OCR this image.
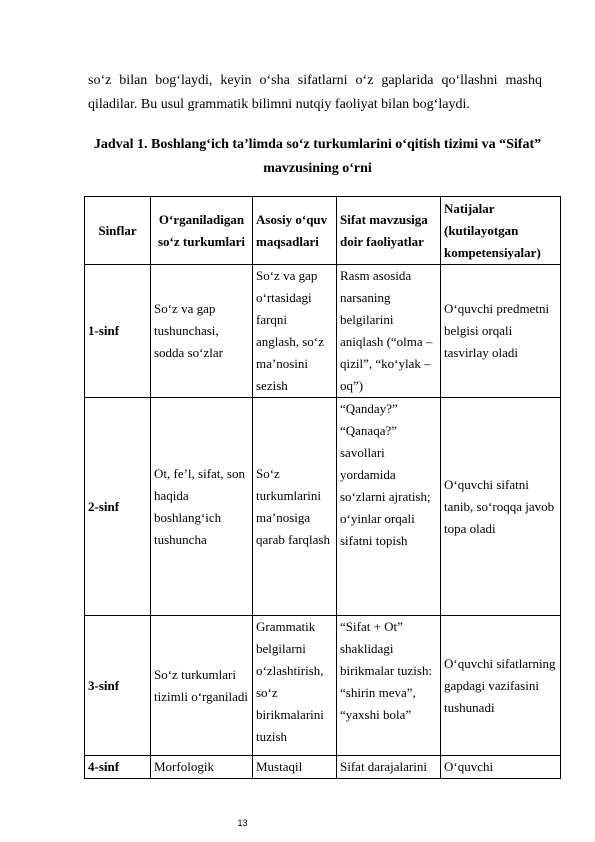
so‘z bilan bog‘laydi, keyin o‘sha sifatlarni o‘z gaplarida qo‘llashni mashq
qiladilar. Bu usul grammatik bilimni nutqiy faoliyat bilan bog‘laydi.
Jadval 1. Boshlang‘ich ta’limda so‘z turkumlarini o‘qitish tizimi va “Sifat” mavzusining o‘rni
Sinflar	O‘rganiladigan so‘z turkumlari	Asosiy o‘quv maqsadlari	Sifat mavzusiga doir faoliyatlar	Natijalar (kutilayotgan kompetensiyalar)
1-sinf	So‘z va gap tushunchasi, sodda so‘zlar	So‘z va gap o‘rtasidagi farqni anglash, so‘z ma’nosini sezish	Rasm asosida narsaning belgilarini aniqlash (“olma – qizil”, “ko‘ylak – oq”)	O‘quvchi predmetni belgisi orqali tasvirlay oladi
2-sinf	Ot, fe’l, sifat, son haqida boshlang‘ich tushuncha	So‘z turkumlarini ma’nosiga qarab farqlash	“Qanday?” “Qanaqa?” savollari yordamida so‘zlarni ajratish; o‘yinlar orqali sifatni topish	O‘quvchi sifatni tanib, so‘roqqa javob topa oladi
3-sinf	So‘z turkumlari tizimli o‘rganiladi	Grammatik belgilarni o‘zlashtirish, so‘z birikmalarini tuzish	“Sifat + Ot” shaklidagi birikmalar tuzish: “shirin meva”, “yaxshi bola”	O‘quvchi sifatlarning gapdagi vazifasini tushunadi
4-sinf	Morfologik	Mustaqil	Sifat darajalarini	O‘quvchi
13
